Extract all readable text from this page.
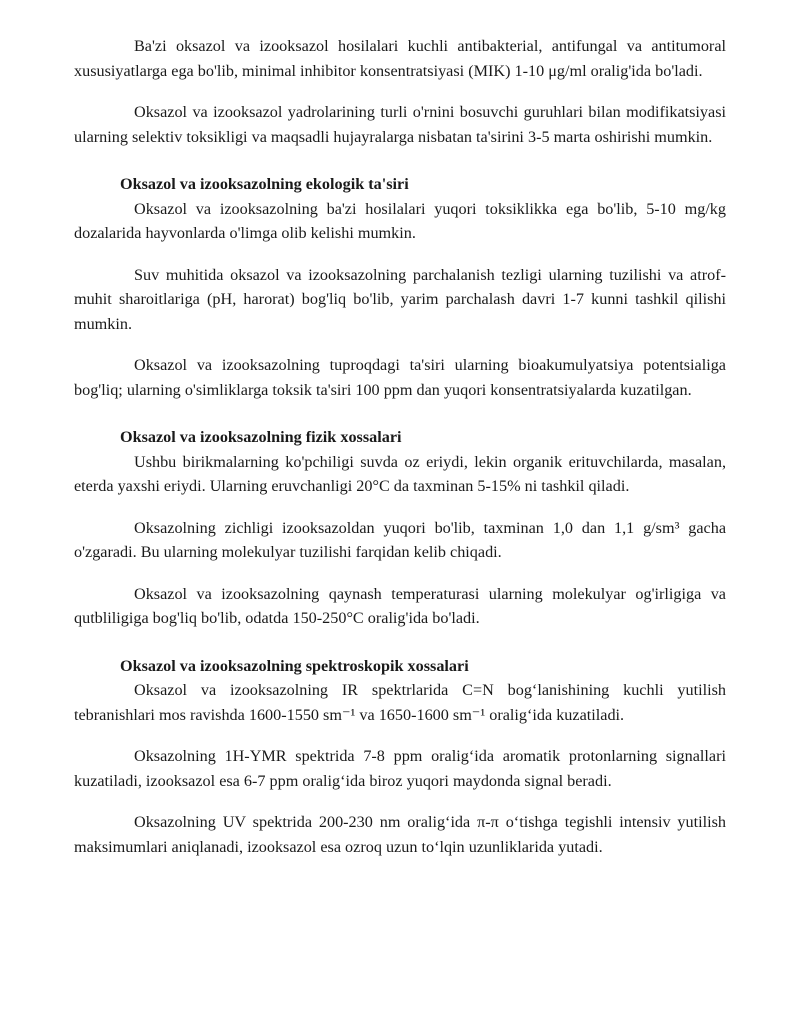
Ba'zi oksazol va izooksazol hosilalari kuchli antibakterial, antifungal va antitumoral xususiyatlarga ega bo'lib, minimal inhibitor konsentratsiyasi (MIK) 1-10 μg/ml oralig'ida bo'ladi.

Oksazol va izooksazol yadrolarining turli o'rnini bosuvchi guruhlari bilan modifikatsiyasi ularning selektiv toksikligi va maqsadli hujayralarga nisbatan ta'sirini 3-5 marta oshirishi mumkin.

Oksazol va izooksazolning ekologik ta'siri

Oksazol va izooksazolning ba'zi hosilalari yuqori toksiklikka ega bo'lib, 5-10 mg/kg dozalarida hayvonlarda o'limga olib kelishi mumkin.

Suv muhitida oksazol va izooksazolning parchalanish tezligi ularning tuzilishi va atrof-muhit sharoitlariga (pH, harorat) bog'liq bo'lib, yarim parchalash davri 1-7 kunni tashkil qilishi mumkin.

Oksazol va izooksazolning tuproqdagi ta'siri ularning bioakumulyatsiya potentsialiga bog'liq; ularning o'simliklarga toksik ta'siri 100 ppm dan yuqori konsentratsiyalarda kuzatilgan.

Oksazol va izooksazolning fizik xossalari

Ushbu birikmalarning ko'pchiligi suvda oz eriydi, lekin organik erituvchilarda, masalan, eterda yaxshi eriydi. Ularning eruvchanligi 20°C da taxminan 5-15% ni tashkil qiladi.

Oksazolning zichligi izooksazoldan yuqori bo'lib, taxminan 1,0 dan 1,1 g/sm³ gacha o'zgaradi. Bu ularning molekulyar tuzilishi farqidan kelib chiqadi.

Oksazol va izooksazolning qaynash temperaturasi ularning molekulyar og'irligiga va qutbliligiga bog'liq bo'lib, odatda 150-250°C oralig'ida bo'ladi.

Oksazol va izooksazolning spektroskopik xossalari

Oksazol va izooksazolning IR spektrlarida C=N bog‘lanishining kuchli yutilish tebranishlari mos ravishda 1600-1550 sm⁻¹ va 1650-1600 sm⁻¹ oralig‘ida kuzatiladi.

Oksazolning 1H-YMR spektrida 7-8 ppm oralig‘ida aromatik protonlarning signallari kuzatiladi, izooksazol esa 6-7 ppm oralig‘ida biroz yuqori maydonda signal beradi.

Oksazolning UV spektrida 200-230 nm oralig‘ida π-π o‘tishga tegishli intensiv yutilish maksimumlari aniqlanadi, izooksazol esa ozroq uzun to‘lqin uzunliklarida yutadi.
